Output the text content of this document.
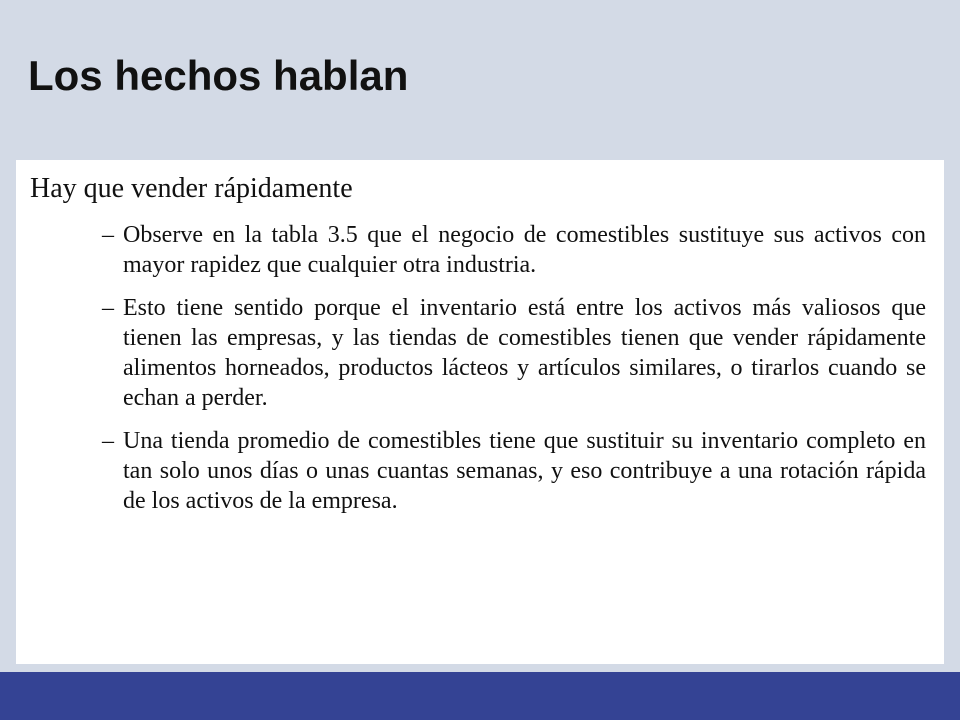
Los hechos hablan
Hay que vender rápidamente
– Observe en la tabla 3.5 que el negocio de comestibles sustituye sus activos con mayor rapidez que cualquier otra industria.
– Esto tiene sentido porque el inventario está entre los activos más valiosos que tienen las empresas, y las tiendas de comestibles tienen que vender rápidamente alimentos horneados, productos lácteos y artículos similares, o tirarlos cuando se echan a perder.
– Una tienda promedio de comestibles tiene que sustituir su inventario completo en tan solo unos días o unas cuantas semanas, y eso contribuye a una rotación rápida de los activos de la empresa.
